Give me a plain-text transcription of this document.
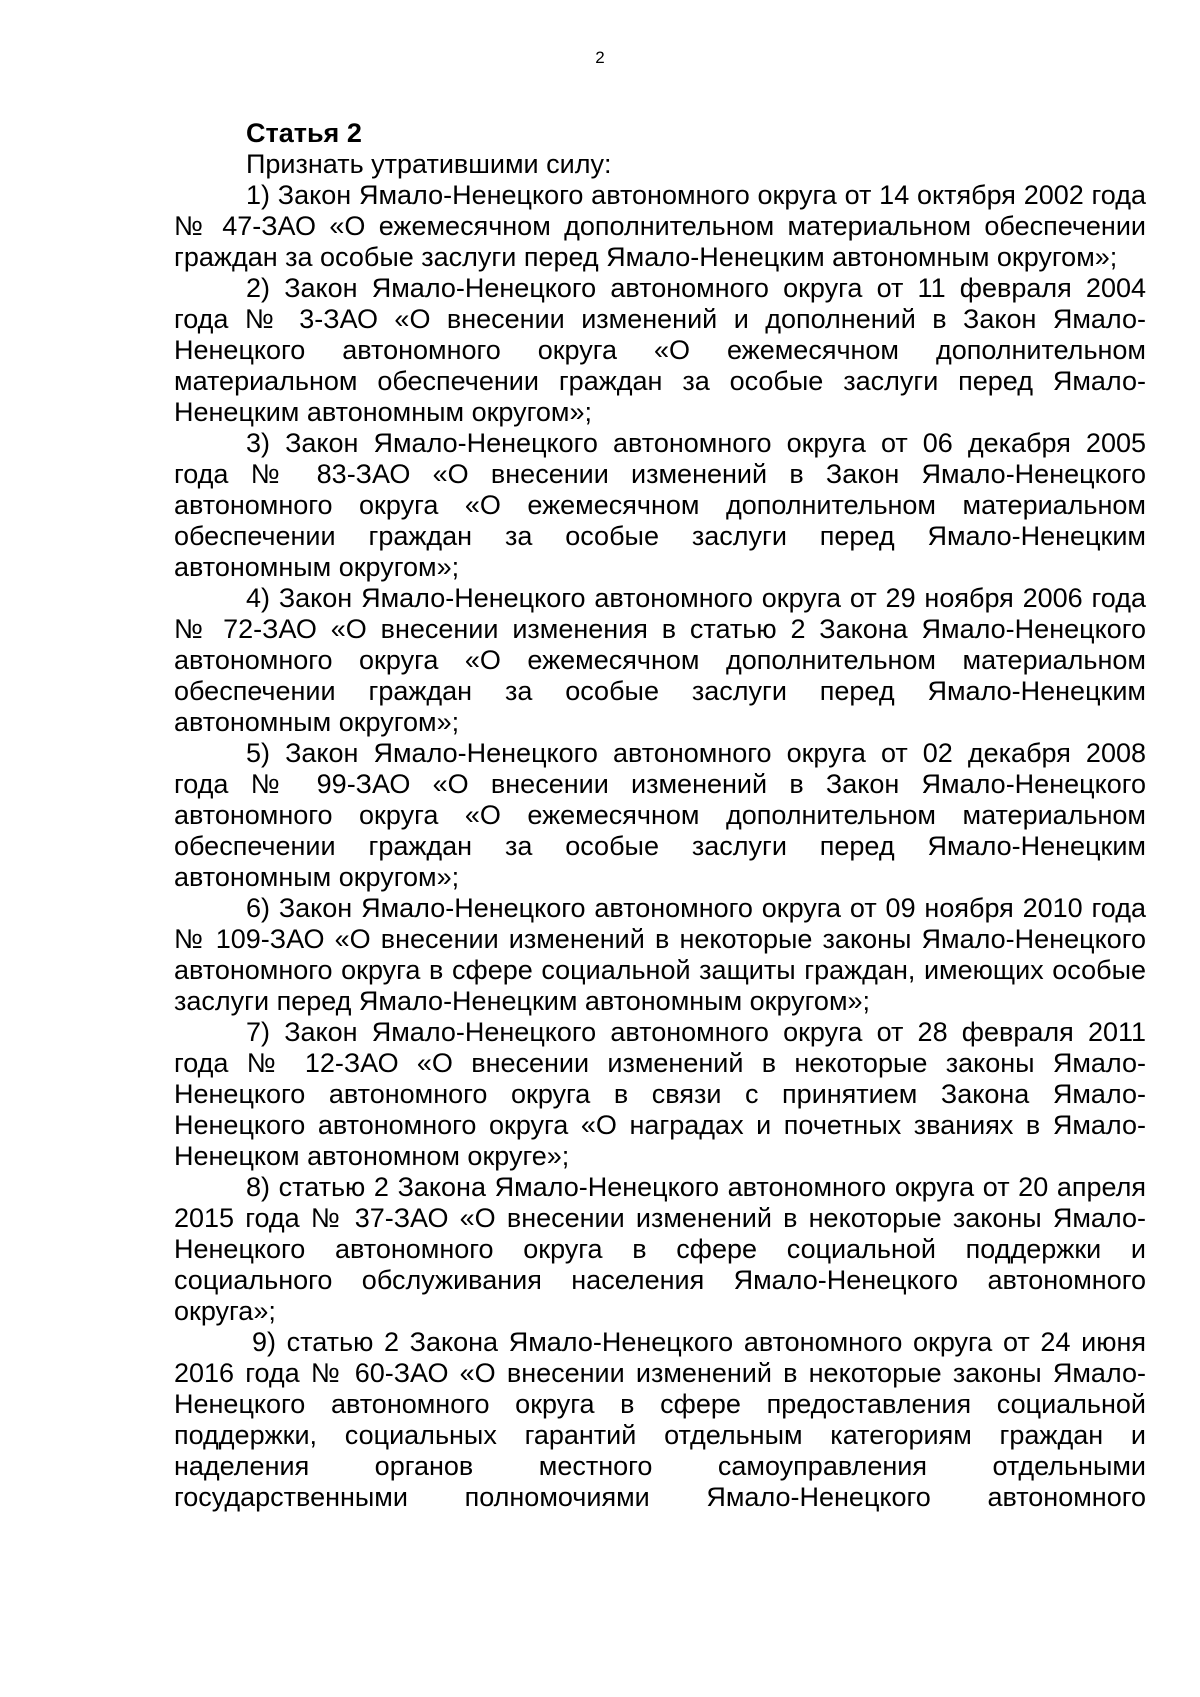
2

Статья 2

Признать утратившими силу:

1) Закон Ямало-Ненецкого автономного округа от 14 октября 2002 года № 47-ЗАО «О ежемесячном дополнительном материальном обеспечении граждан за особые заслуги перед Ямало-Ненецким автономным округом»;

2) Закон Ямало-Ненецкого автономного округа от 11 февраля 2004 года № 3-ЗАО «О внесении изменений и дополнений в Закон Ямало-Ненецкого автономного округа «О ежемесячном дополнительном материальном обеспечении граждан за особые заслуги перед Ямало-Ненецким автономным округом»;

3) Закон Ямало-Ненецкого автономного округа от 06 декабря 2005 года № 83-ЗАО «О внесении изменений в Закон Ямало-Ненецкого автономного округа «О ежемесячном дополнительном материальном обеспечении граждан за особые заслуги перед Ямало-Ненецким автономным округом»;

4) Закон Ямало-Ненецкого автономного округа от 29 ноября 2006 года № 72-ЗАО «О внесении изменения в статью 2 Закона Ямало-Ненецкого автономного округа «О ежемесячном дополнительном материальном обеспечении граждан за особые заслуги перед Ямало-Ненецким автономным округом»;

5) Закон Ямало-Ненецкого автономного округа от 02 декабря 2008 года № 99-ЗАО «О внесении изменений в Закон Ямало-Ненецкого автономного округа «О ежемесячном дополнительном материальном обеспечении граждан за особые заслуги перед Ямало-Ненецким автономным округом»;

6) Закон Ямало-Ненецкого автономного округа от 09 ноября 2010 года № 109-ЗАО «О внесении изменений в некоторые законы Ямало-Ненецкого автономного округа в сфере социальной защиты граждан, имеющих особые заслуги перед Ямало-Ненецким автономным округом»;

7) Закон Ямало-Ненецкого автономного округа от 28 февраля 2011 года № 12-ЗАО «О внесении изменений в некоторые законы Ямало-Ненецкого автономного округа в связи с принятием Закона Ямало-Ненецкого автономного округа «О наградах и почетных званиях в Ямало-Ненецком автономном округе»;

8) статью 2 Закона Ямало-Ненецкого автономного округа от 20 апреля 2015 года № 37-ЗАО «О внесении изменений в некоторые законы Ямало-Ненецкого автономного округа в сфере социальной поддержки и социального обслуживания населения Ямало-Ненецкого автономного округа»;

9) статью 2 Закона Ямало-Ненецкого автономного округа от 24 июня 2016 года № 60-ЗАО «О внесении изменений в некоторые законы Ямало-Ненецкого автономного округа в сфере предоставления социальной поддержки, социальных гарантий отдельным категориям граждан и наделения органов местного самоуправления отдельными государственными полномочиями Ямало-Ненецкого автономного
